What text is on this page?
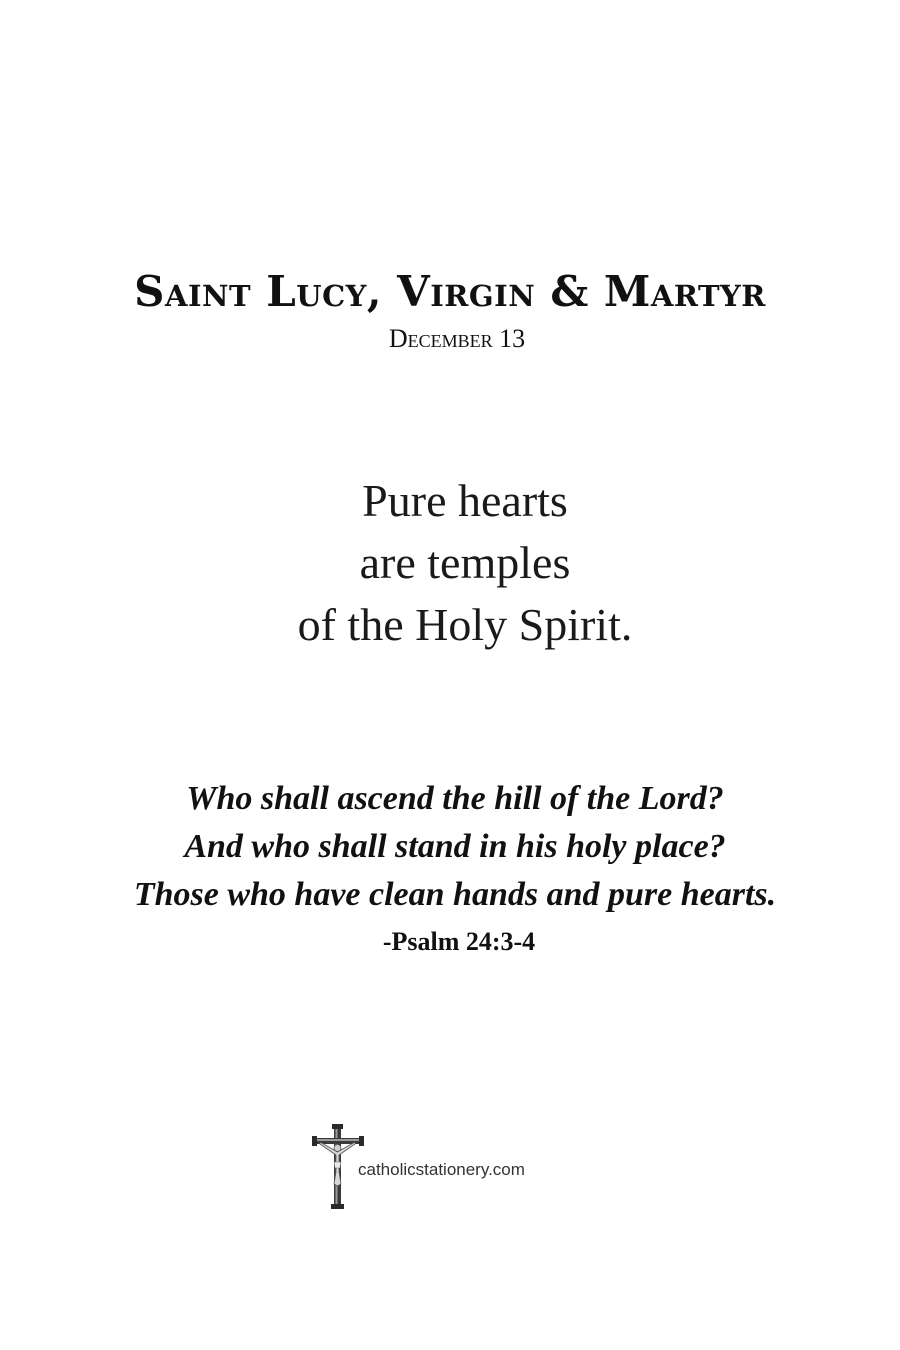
Saint Lucy, Virgin & Martyr
December 13
Pure hearts
are temples
of the Holy Spirit.
Who shall ascend the hill of the Lord?
And who shall stand in his holy place?
Those who have clean hands and pure hearts.
-Psalm 24:3-4
catholicstationery.com
